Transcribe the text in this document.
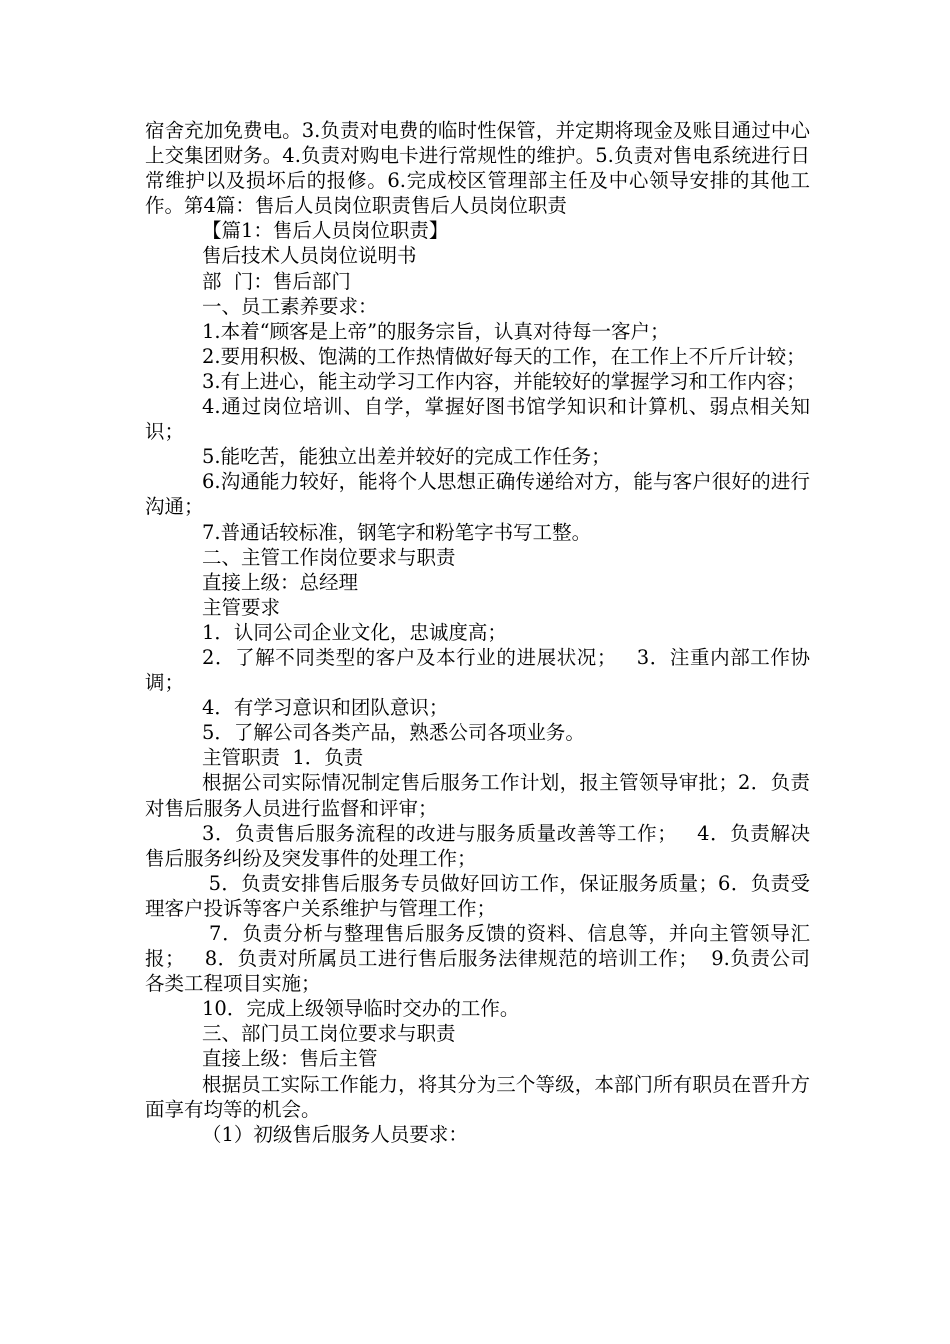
宿舍充加免费电。3.负责对电费的临时性保管，并定期将现金及账目通过中心上交集团财务。4.负责对购电卡进行常规性的维护。5.负责对售电系统进行日常维护以及损坏后的报修。6.完成校区管理部主任及中心领导安排的其他工作。第4篇：售后人员岗位职责售后人员岗位职责

【篇1：售后人员岗位职责】

售后技术人员岗位说明书

部  门：售后部门

一、员工素养要求：

1.本着“顾客是上帝”的服务宗旨，认真对待每一客户；

2.要用积极、饱满的工作热情做好每天的工作，在工作上不斤斤计较；

3.有上进心，能主动学习工作内容，并能较好的掌握学习和工作内容；

4.通过岗位培训、自学，掌握好图书馆学知识和计算机、弱点相关知识；

5.能吃苦，能独立出差并较好的完成工作任务；

6.沟通能力较好，能将个人思想正确传递给对方，能与客户很好的进行沟通；

7.普通话较标准，钢笔字和粉笔字书写工整。

二、主管工作岗位要求与职责

直接上级：总经理

主管要求

1．认同公司企业文化，忠诚度高；

2．了解不同类型的客户及本行业的进展状况；   3．注重内部工作协调；

4．有学习意识和团队意识；

5．了解公司各类产品，熟悉公司各项业务。

主管职责  1．负责

根据公司实际情况制定售后服务工作计划，报主管领导审批；2．负责对售后服务人员进行监督和评审；

3．负责售后服务流程的改进与服务质量改善等工作；   4．负责解决售后服务纠纷及突发事件的处理工作；

5．负责安排售后服务专员做好回访工作，保证服务质量；6．负责受理客户投诉等客户关系维护与管理工作；

7．负责分析与整理售后服务反馈的资料、信息等，并向主管领导汇报；   8．负责对所属员工进行售后服务法律规范的培训工作；  9.负责公司各类工程项目实施；

10．完成上级领导临时交办的工作。

三、部门员工岗位要求与职责

直接上级：售后主管

根据员工实际工作能力，将其分为三个等级，本部门所有职员在晋升方面享有均等的机会。

（1）初级售后服务人员要求：
